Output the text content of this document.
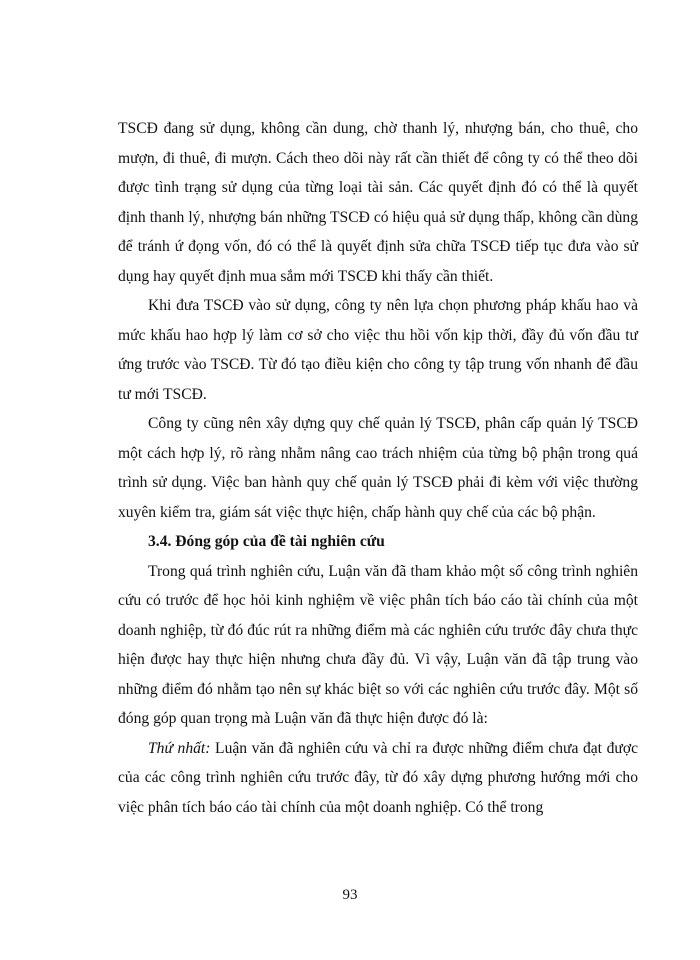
TSCĐ đang sử dụng, không cần dung, chờ thanh lý, nhượng bán, cho thuê, cho mượn, đi thuê, đi mượn. Cách theo dõi này rất cần thiết để công ty có thể theo dõi được tình trạng sử dụng của từng loại tài sản. Các quyết định đó có thể là quyết định thanh lý, nhượng bán những TSCĐ có hiệu quả sử dụng thấp, không cần dùng để tránh ứ đọng vốn, đó có thể là quyết định sửa chữa TSCĐ tiếp tục đưa vào sử dụng hay quyết định mua sắm mới TSCĐ khi thấy cần thiết.

Khi đưa TSCĐ vào sử dụng, công ty nên lựa chọn phương pháp khấu hao và mức khấu hao hợp lý làm cơ sở cho việc thu hồi vốn kịp thời, đầy đủ vốn đầu tư ứng trước vào TSCĐ. Từ đó tạo điều kiện cho công ty tập trung vốn nhanh để đầu tư mới TSCĐ.

Công ty cũng nên xây dựng quy chế quản lý TSCĐ, phân cấp quản lý TSCĐ một cách hợp lý, rõ ràng nhằm nâng cao trách nhiệm của từng bộ phận trong quá trình sử dụng. Việc ban hành quy chế quản lý TSCĐ phải đi kèm với việc thường xuyên kiểm tra, giám sát việc thực hiện, chấp hành quy chế của các bộ phận.

3.4. Đóng góp của đề tài nghiên cứu

Trong quá trình nghiên cứu, Luận văn đã tham khảo một số công trình nghiên cứu có trước để học hỏi kinh nghiệm về việc phân tích báo cáo tài chính của một doanh nghiệp, từ đó đúc rút ra những điểm mà các nghiên cứu trước đây chưa thực hiện được hay thực hiện nhưng chưa đầy đủ. Vì vậy, Luận văn đã tập trung vào những điểm đó nhằm tạo nên sự khác biệt so với các nghiên cứu trước đây. Một số đóng góp quan trọng mà Luận văn đã thực hiện được đó là:

Thứ nhất: Luận văn đã nghiên cứu và chỉ ra được những điểm chưa đạt được của các công trình nghiên cứu trước đây, từ đó xây dựng phương hướng mới cho việc phân tích báo cáo tài chính của một doanh nghiệp. Có thể trong

93
